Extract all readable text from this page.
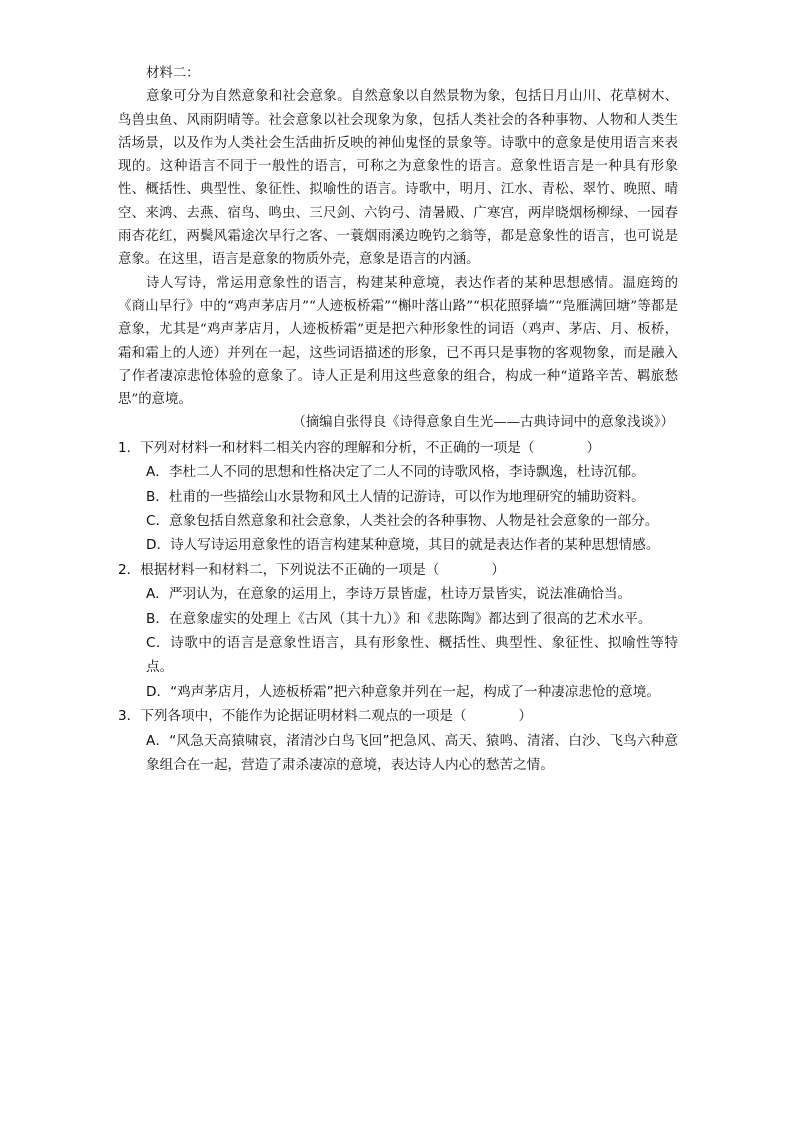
材料二：

意象可分为自然意象和社会意象。自然意象以自然景物为象，包括日月山川、花草树木、鸟兽虫鱼、风雨阴晴等。社会意象以社会现象为象，包括人类社会的各种事物、人物和人类生活场景，以及作为人类社会生活曲折反映的神仙鬼怪的景象等。诗歌中的意象是使用语言来表现的。这种语言不同于一般性的语言，可称之为意象性的语言。意象性语言是一种具有形象性、概括性、典型性、象征性、拟喻性的语言。诗歌中，明月、江水、青松、翠竹、晚照、晴空、来鸿、去燕、宿鸟、鸣虫、三尺剑、六钧弓、清暑殿、广寒宫，两岸晓烟杨柳绿、一园春雨杏花红，两鬓风霜途次早行之客、一蓑烟雨溪边晚钓之翁等，都是意象性的语言，也可说是意象。在这里，语言是意象的物质外壳，意象是语言的内涵。

诗人写诗，常运用意象性的语言，构建某种意境，表达作者的某种思想感情。温庭筠的《商山早行》中的“鸡声茅店月”“人迹板桥霜”“槲叶落山路”“枳花照驿墙”“凫雁满回塘”等都是意象，尤其是“鸡声茅店月，人迹板桥霜”更是把六种形象性的词语（鸡声、茅店、月、板桥，霜和霜上的人迹）并列在一起，这些词语描述的形象，已不再只是事物的客观物象，而是融入了作者凄凉悲怆体验的意象了。诗人正是利用这些意象的组合，构成一种“道路辛苦、羁旅愁思”的意境。

（摘编自张得良《诗得意象自生光——古典诗词中的意象浅谈》）

1．下列对材料一和材料二相关内容的理解和分析，不正确的一项是（	）

A．李杜二人不同的思想和性格决定了二人不同的诗歌风格，李诗飘逸，杜诗沉郁。
B．杜甫的一些描绘山水景物和风土人情的记游诗，可以作为地理研究的辅助资料。
C．意象包括自然意象和社会意象，人类社会的各种事物、人物是社会意象的一部分。
D．诗人写诗运用意象性的语言构建某种意境，其目的就是表达作者的某种思想情感。

2．根据材料一和材料二，下列说法不正确的一项是（	）

A．严羽认为，在意象的运用上，李诗万景皆虚，杜诗万景皆实，说法准确恰当。
B．在意象虚实的处理上《古风（其十九）》和《悲陈陶》都达到了很高的艺术水平。
C．诗歌中的语言是意象性语言，具有形象性、概括性、典型性、象征性、拟喻性等特点。
D．“鸡声茅店月，人迹板桥霜”把六种意象并列在一起，构成了一种凄凉悲怆的意境。

3．下列各项中，不能作为论据证明材料二观点的一项是（	）

A．“风急天高猿啸哀，渚清沙白鸟飞回”把急风、高天、猿鸣、清渚、白沙、飞鸟六种意象组合在一起，营造了肃杀凄凉的意境，表达诗人内心的愁苦之情。
